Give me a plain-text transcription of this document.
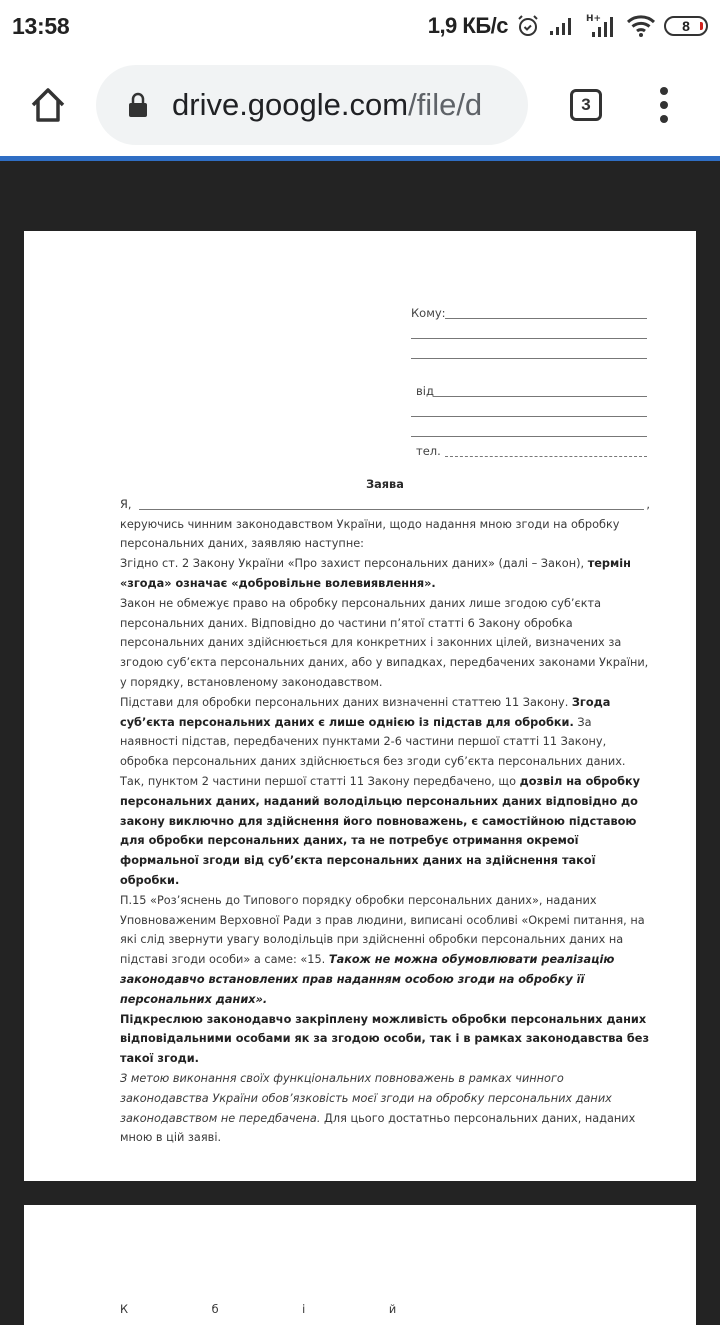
13:58	1,9 КБ/с	H+	8
drive.google.com/file/d	3
Кому:
від
тел.
Заява
Я,	,

керуючись чинним законодавством України, щодо надання мною згоди на обробку персональних даних, заявляю наступне:

Згідно ст. 2 Закону України «Про захист персональних даних» (далі – Закон), термін «згода» означає «добровільне волевиявлення».

Закон не обмежує право на обробку персональних даних лише згодою суб’єкта персональних даних. Відповідно до частини п’ятої статті 6 Закону обробка персональних даних здійснюється для конкретних і законних цілей, визначених за згодою суб’єкта персональних даних, або у випадках, передбачених законами України, у порядку, встановленому законодавством.

Підстави для обробки персональних даних визначенні статтею 11 Закону. Згода суб’єкта персональних даних є лише однією із підстав для обробки. За наявності підстав, передбачених пунктами 2-6 частини першої статті 11 Закону, обробка персональних даних здійснюється без згоди суб’єкта персональних даних. Так, пунктом 2 частини першої статті 11 Закону передбачено, що дозвіл на обробку персональних даних, наданий володільцю персональних даних відповідно до закону виключно для здійснення його повноважень, є самостійною підставою для обробки персональних даних, та не потребує отримання окремої формальної згоди від суб’єкта персональних даних на здійснення такої обробки.

П.15 «Роз’яснень до Типового порядку обробки персональних даних», наданих Уповноваженим Верховної Ради з прав людини, виписані особливі «Окремі питання, на які слід звернути увагу володільців при здійсненні обробки персональних даних на підставі згоди особи» а саме: «15. Також не можна обумовлювати реалізацію законодавчо встановлених прав наданням особою згоди на обробку її персональних даних».

Підкреслюю законодавчо закріплену можливість обробки персональних даних відповідальними особами як за згодою особи, так і в рамках законодавства без такої згоди.

З метою виконання своїх функціональних повноважень в рамках чинного законодавства України обов’язковість моєї згоди на обробку персональних даних законодавством не передбачена. Для цього достатньо персональних даних, наданих мною в цій заяві.

К б і й
